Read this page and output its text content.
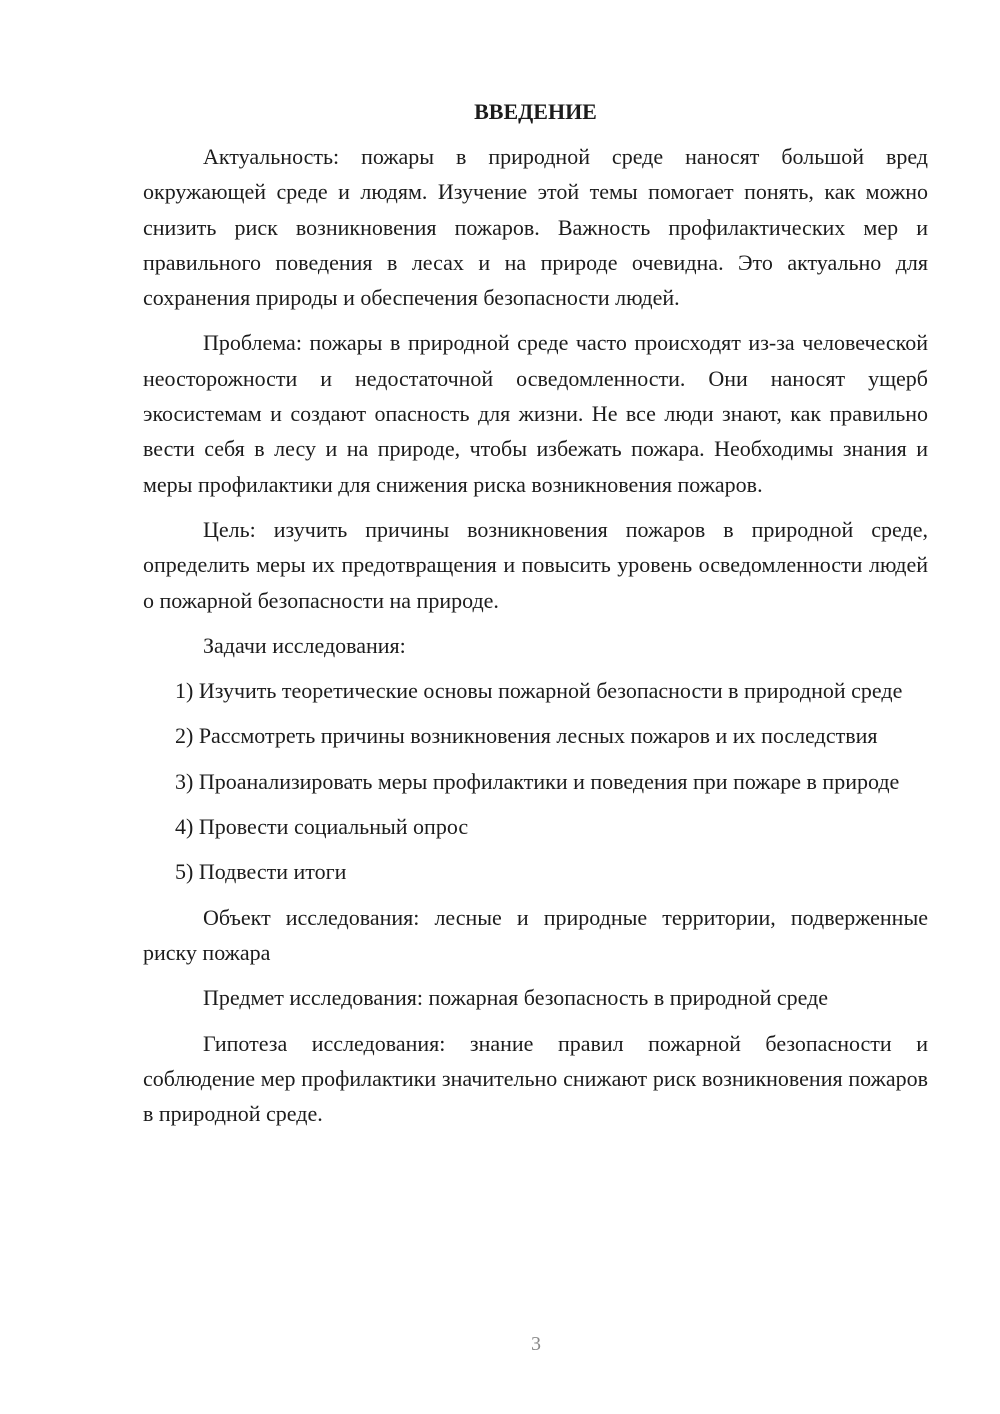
ВВЕДЕНИЕ

Актуальность: пожары в природной среде наносят большой вред окружающей среде и людям. Изучение этой темы помогает понять, как можно снизить риск возникновения пожаров. Важность профилактических мер и правильного поведения в лесах и на природе очевидна. Это актуально для сохранения природы и обеспечения безопасности людей.

Проблема: пожары в природной среде часто происходят из-за человеческой неосторожности и недостаточной осведомленности. Они наносят ущерб экосистемам и создают опасность для жизни. Не все люди знают, как правильно вести себя в лесу и на природе, чтобы избежать пожара. Необходимы знания и меры профилактики для снижения риска возникновения пожаров.

Цель: изучить причины возникновения пожаров в природной среде, определить меры их предотвращения и повысить уровень осведомленности людей о пожарной безопасности на природе.

Задачи исследования:

1) Изучить теоретические основы пожарной безопасности в природной среде

2) Рассмотреть причины возникновения лесных пожаров и их последствия

3) Проанализировать меры профилактики и поведения при пожаре в природе

4) Провести социальный опрос

5) Подвести итоги

Объект исследования: лесные и природные территории, подверженные риску пожара

Предмет исследования: пожарная безопасность в природной среде

Гипотеза исследования: знание правил пожарной безопасности и соблюдение мер профилактики значительно снижают риск возникновения пожаров в природной среде.

3
